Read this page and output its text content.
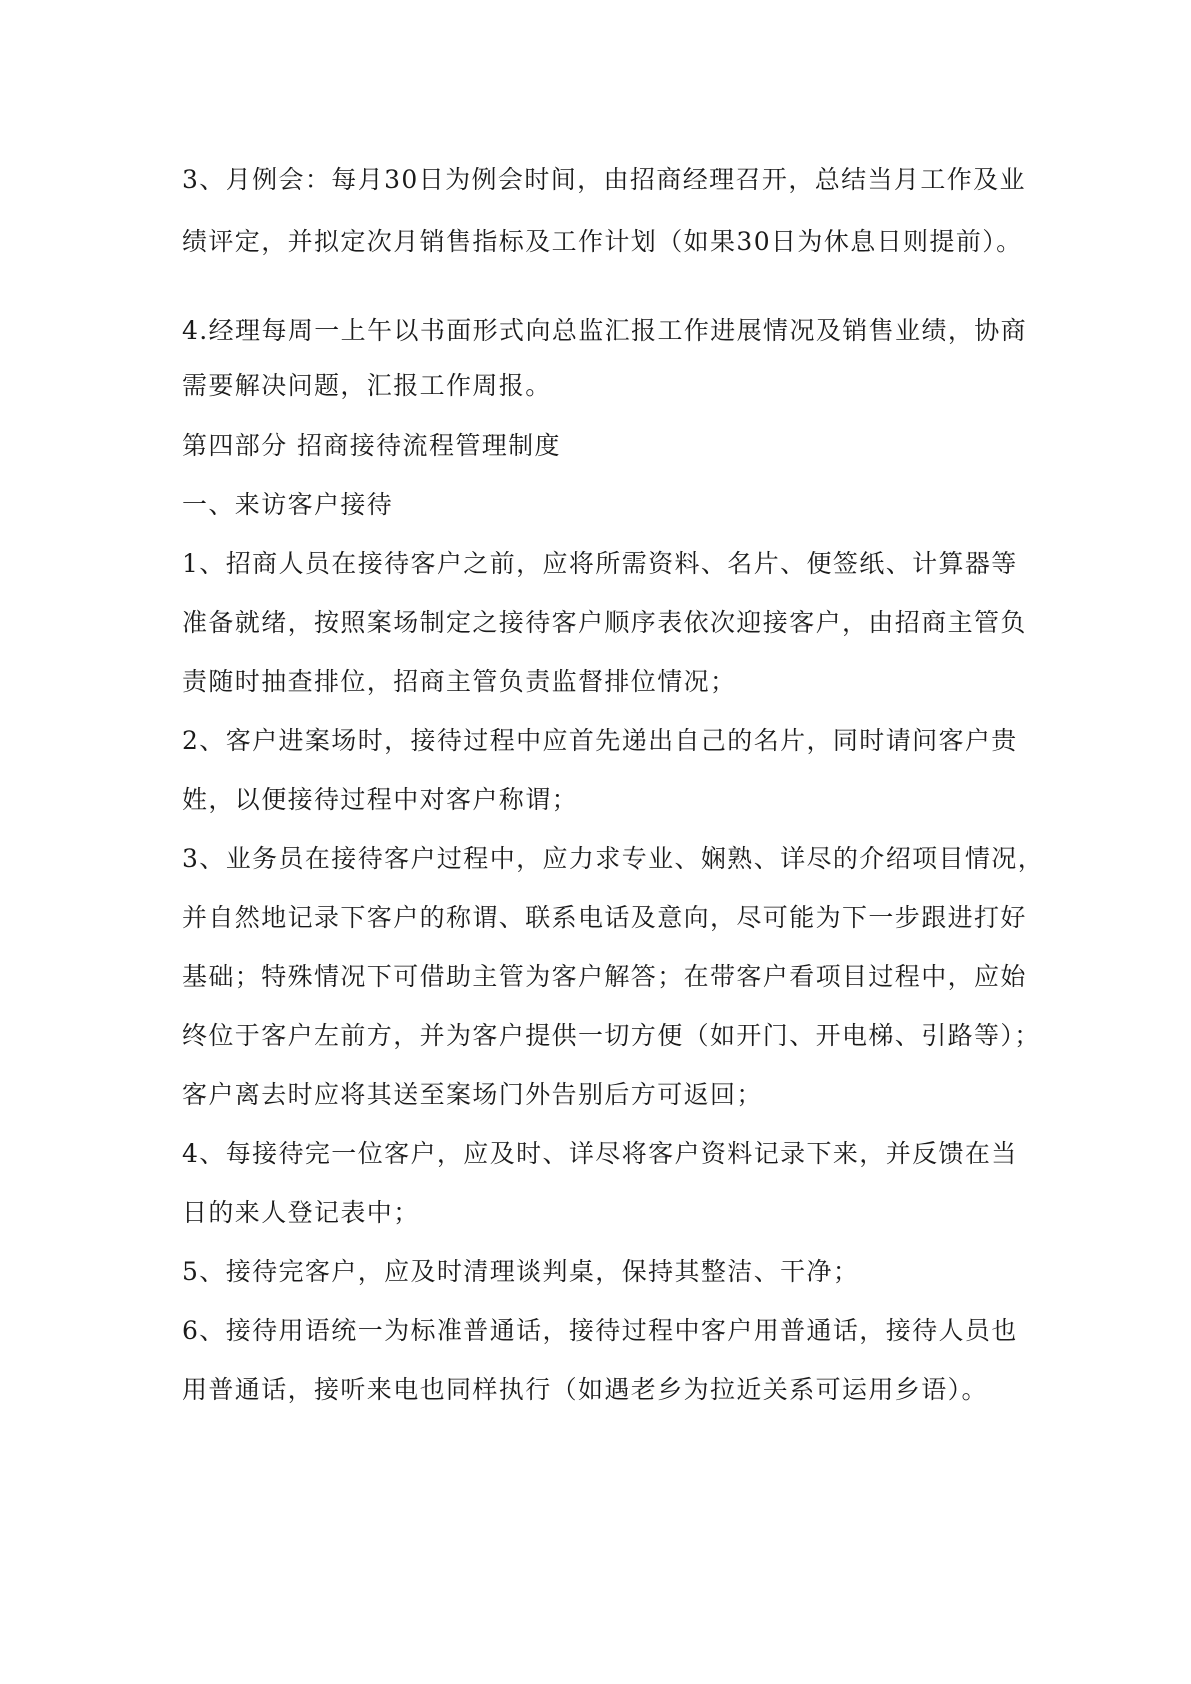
3、月例会：每月30日为例会时间，由招商经理召开，总结当月工作及业
绩评定，并拟定次月销售指标及工作计划（如果30日为休息日则提前）。
4.经理每周一上午以书面形式向总监汇报工作进展情况及销售业绩，协商
需要解决问题，汇报工作周报。
第四部分 招商接待流程管理制度
一、来访客户接待
1、招商人员在接待客户之前，应将所需资料、名片、便签纸、计算器等
准备就绪，按照案场制定之接待客户顺序表依次迎接客户，由招商主管负
责随时抽查排位，招商主管负责监督排位情况；
2、客户进案场时，接待过程中应首先递出自己的名片，同时请问客户贵
姓，以便接待过程中对客户称谓；
3、业务员在接待客户过程中，应力求专业、娴熟、详尽的介绍项目情况，
并自然地记录下客户的称谓、联系电话及意向，尽可能为下一步跟进打好
基础；特殊情况下可借助主管为客户解答；在带客户看项目过程中，应始
终位于客户左前方，并为客户提供一切方便（如开门、开电梯、引路等）；
客户离去时应将其送至案场门外告别后方可返回；
4、每接待完一位客户，应及时、详尽将客户资料记录下来，并反馈在当
日的来人登记表中；
5、接待完客户，应及时清理谈判桌，保持其整洁、干净；
6、接待用语统一为标准普通话，接待过程中客户用普通话，接待人员也
用普通话，接听来电也同样执行（如遇老乡为拉近关系可运用乡语）。
